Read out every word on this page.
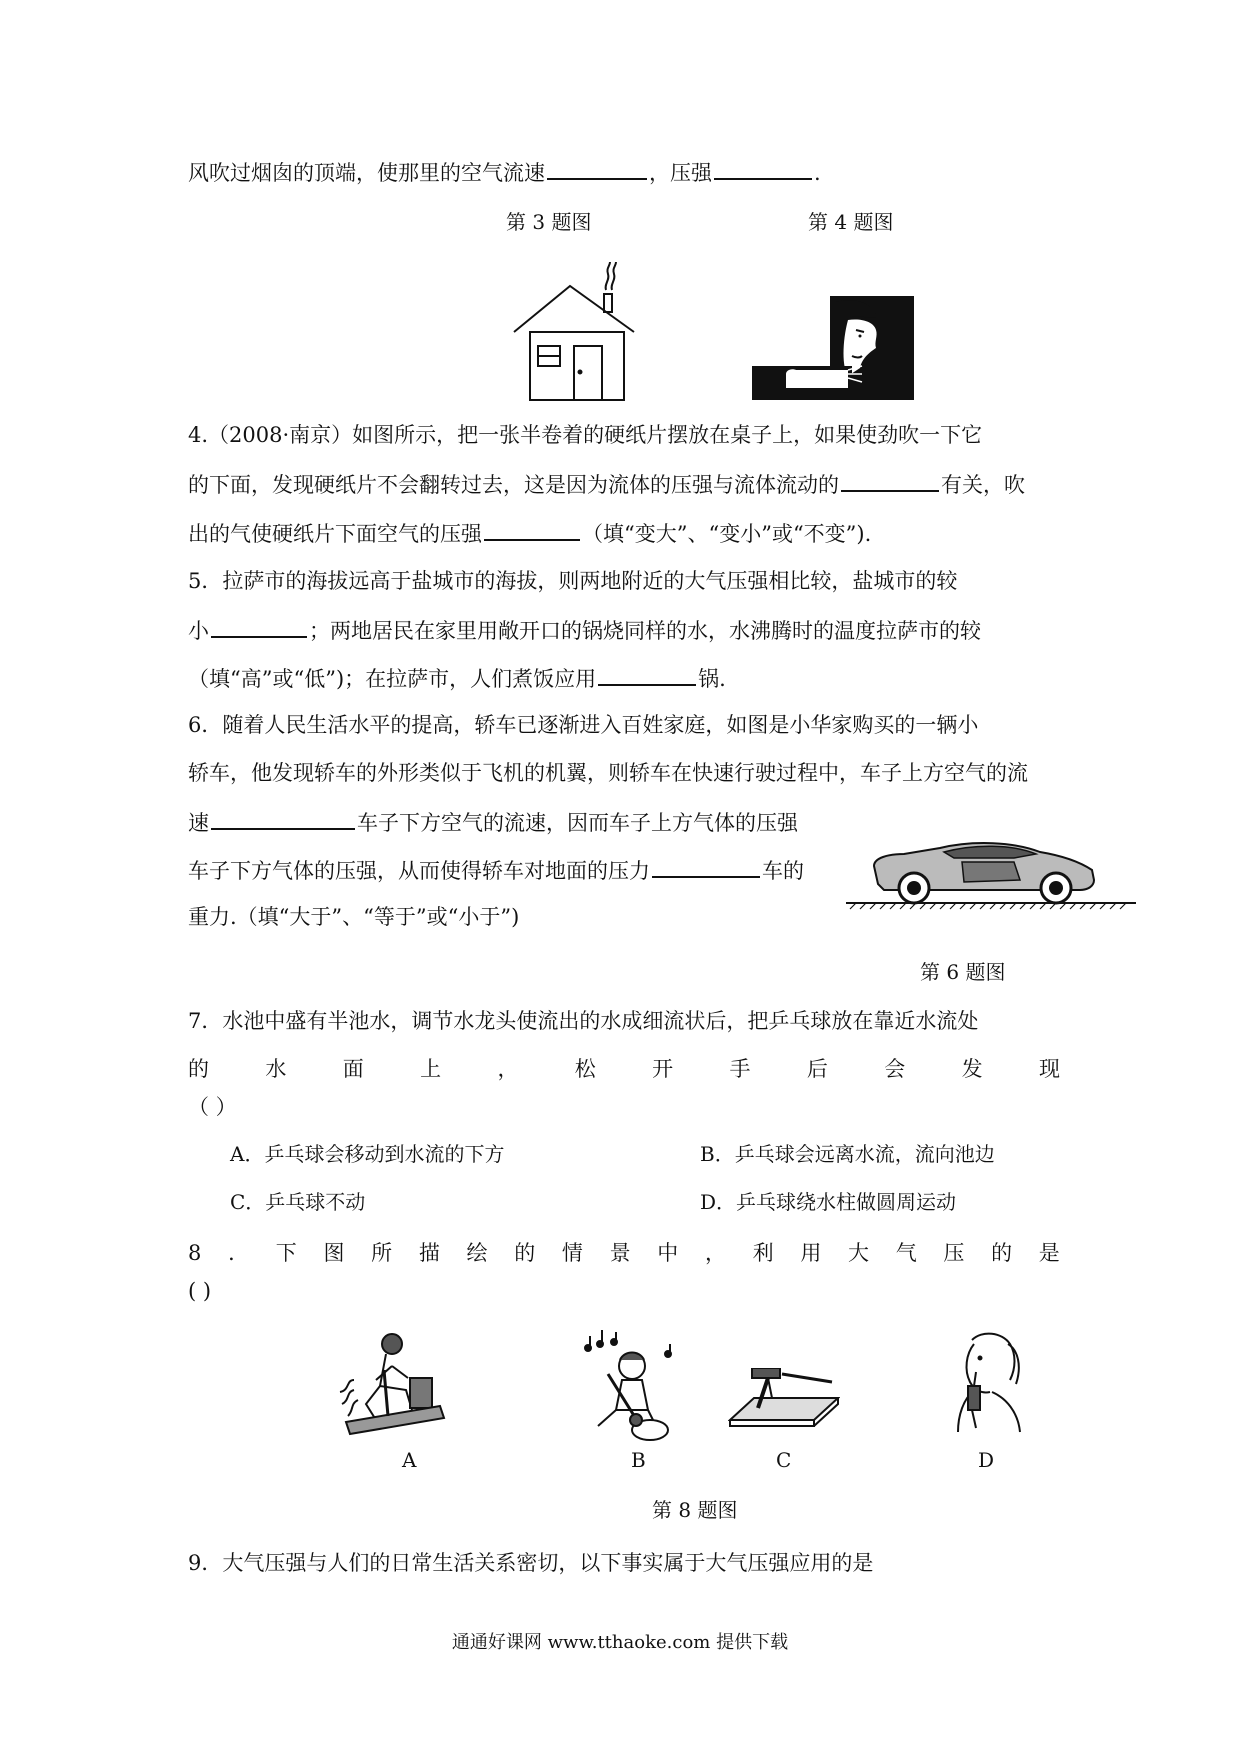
风吹过烟囱的顶端，使那里的空气流速	，压强	.
第 3 题图	第 4 题图
4.（2008·南京）如图所示，把一张半卷着的硬纸片摆放在桌子上，如果使劲吹一下它
的下面，发现硬纸片不会翻转过去，这是因为流体的压强与流体流动的	有关，吹
出的气使硬纸片下面空气的压强	（填“变大”、“变小”或“不变”).
5．拉萨市的海拔远高于盐城市的海拔，则两地附近的大气压强相比较，盐城市的较
小	；两地居民在家里用敞开口的锅烧同样的水，水沸腾时的温度拉萨市的较
（填“高”或“低”)；在拉萨市，人们煮饭应用	锅.
6．随着人民生活水平的提高，轿车已逐渐进入百姓家庭，如图是小华家购买的一辆小
轿车，他发现轿车的外形类似于飞机的机翼，则轿车在快速行驶过程中，车子上方空气的流
速	车子下方空气的流速，因而车子上方气体的压强
车子下方气体的压强，从而使得轿车对地面的压力	车的
重力.（填“大于”、“等于”或“小于”)
第 6 题图
7．水池中盛有半池水，调节水龙头使流出的水成细流状后，把乒乓球放在靠近水流处
的	水	面	上	，	松	开	手	后	会	发	现
（ ）
A．乒乓球会移动到水流的下方	B．乒乓球会远离水流，流向池边
C．乒乓球不动	D．乒乓球绕水柱做圆周运动
8 ． 下 图 所 描 绘 的 情 景 中 ， 利 用 大 气 压 的 是
( )
A	B	C	D
第 8 题图
9．大气压强与人们的日常生活关系密切，以下事实属于大气压强应用的是
通通好课网 www.tthaoke.com 提供下载
